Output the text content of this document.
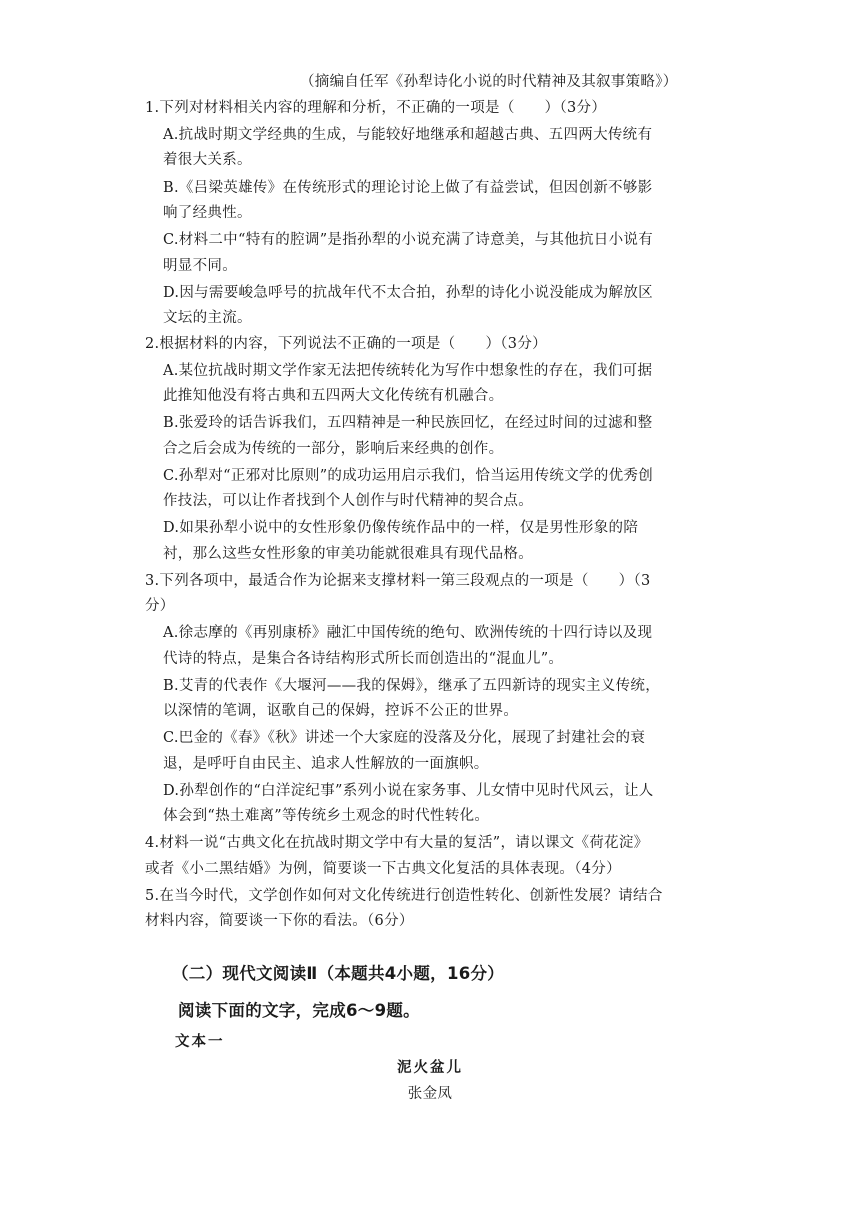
（摘编自任军《孙犁诗化小说的时代精神及其叙事策略》）
1.下列对材料相关内容的理解和分析，不正确的一项是（ ）（3分）
A.抗战时期文学经典的生成，与能较好地继承和超越古典、五四两大传统有
着很大关系。
B.《吕梁英雄传》在传统形式的理论讨论上做了有益尝试，但因创新不够影
响了经典性。
C.材料二中“特有的腔调”是指孙犁的小说充满了诗意美，与其他抗日小说有
明显不同。
D.因与需要峻急呼号的抗战年代不太合拍，孙犁的诗化小说没能成为解放区
文坛的主流。
2.根据材料的内容，下列说法不正确的一项是（ ）（3分）
A.某位抗战时期文学作家无法把传统转化为写作中想象性的存在，我们可据
此推知他没有将古典和五四两大文化传统有机融合。
B.张爱玲的话告诉我们，五四精神是一种民族回忆，在经过时间的过滤和整
合之后会成为传统的一部分，影响后来经典的创作。
C.孙犁对“正邪对比原则”的成功运用启示我们，恰当运用传统文学的优秀创
作技法，可以让作者找到个人创作与时代精神的契合点。
D.如果孙犁小说中的女性形象仍像传统作品中的一样，仅是男性形象的陪
衬，那么这些女性形象的审美功能就很难具有现代品格。
3.下列各项中，最适合作为论据来支撑材料一第三段观点的一项是（ ）（3
分）
A.徐志摩的《再别康桥》融汇中国传统的绝句、欧洲传统的十四行诗以及现
代诗的特点，是集合各诗结构形式所长而创造出的“混血儿”。
B.艾青的代表作《大堰河——我的保姆》，继承了五四新诗的现实主义传统，
以深情的笔调，讴歌自己的保姆，控诉不公正的世界。
C.巴金的《春》《秋》讲述一个大家庭的没落及分化，展现了封建社会的衰
退，是呼吁自由民主、追求人性解放的一面旗帜。
D.孙犁创作的“白洋淀纪事”系列小说在家务事、儿女情中见时代风云，让人
体会到“热土难离”等传统乡土观念的时代性转化。
4.材料一说“古典文化在抗战时期文学中有大量的复活”，请以课文《荷花淀》
或者《小二黑结婚》为例，简要谈一下古典文化复活的具体表现。（4分）
5.在当今时代，文学创作如何对文化传统进行创造性转化、创新性发展？请结合
材料内容，简要谈一下你的看法。（6分）
（二）现代文阅读Ⅱ（本题共4小题，16分）
阅读下面的文字，完成6～9题。
文本一
泥火盆儿
张金凤
